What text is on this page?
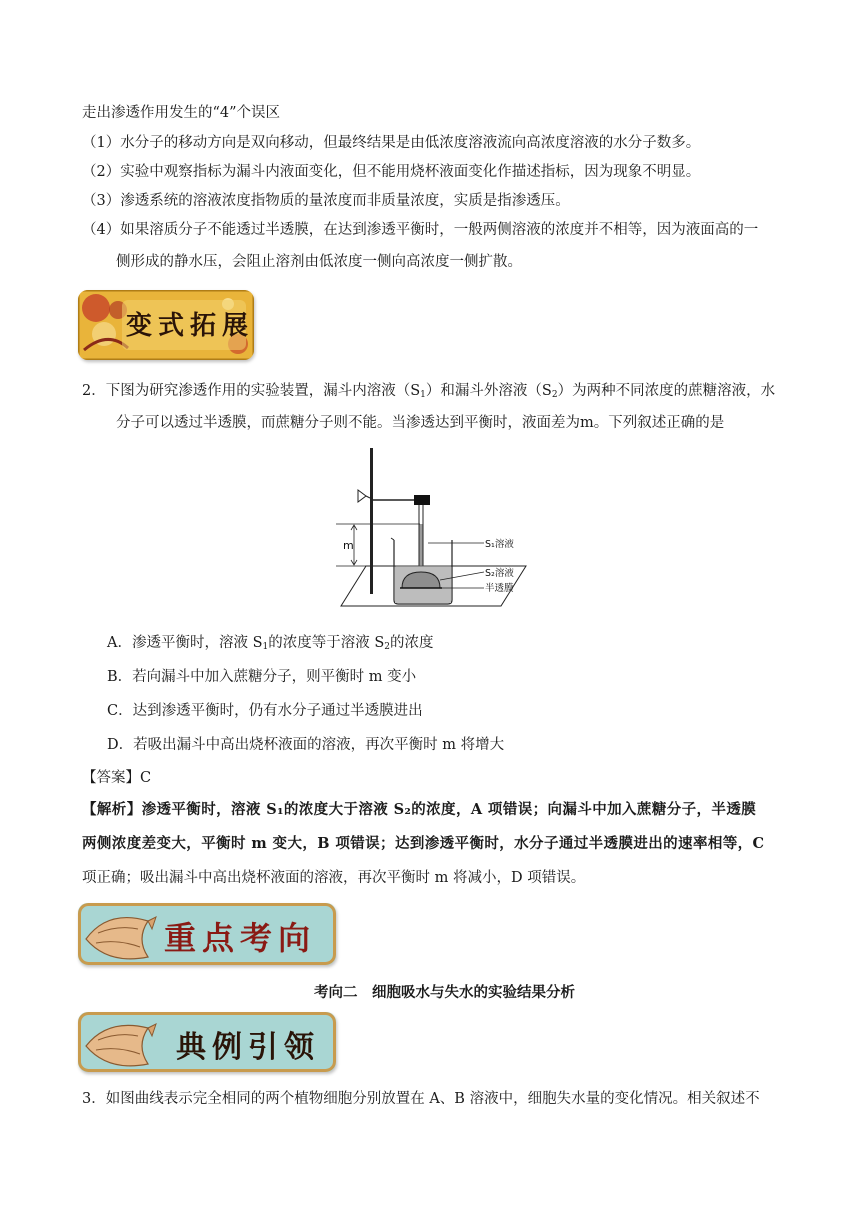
走出渗透作用发生的“4”个误区
（1）水分子的移动方向是双向移动，但最终结果是由低浓度溶液流向高浓度溶液的水分子数多。
（2）实验中观察指标为漏斗内液面变化，但不能用烧杯液面变化作描述指标，因为现象不明显。
（3）渗透系统的溶液浓度指物质的量浓度而非质量浓度，实质是指渗透压。
（4）如果溶质分子不能透过半透膜，在达到渗透平衡时，一般两侧溶液的浓度并不相等，因为液面高的一
侧形成的静水压，会阻止溶剂由低浓度一侧向高浓度一侧扩散。
变式拓展
2．下图为研究渗透作用的实验装置，漏斗内溶液$(S_1)$和漏斗外溶液$(S_2)$为两种不同浓度的蔗糖溶液，水
分子可以透过半透膜，而蔗糖分子则不能。当渗透达到平衡时，液面差为m。下列叙述正确的是
m	S₁溶液
S₂溶液
半透膜
A．渗透平衡时，溶液 $S_1$的浓度等于溶液 $S_2$的浓度
B．若向漏斗中加入蔗糖分子，则平衡时 m 变小
C．达到渗透平衡时，仍有水分子通过半透膜进出
D．若吸出漏斗中高出烧杯液面的溶液，再次平衡时 m 将增大
【答案】C
【解析】渗透平衡时，溶液 S₁的浓度大于溶液 S₂的浓度，A 项错误；向漏斗中加入蔗糖分子，半透膜
两侧浓度差变大，平衡时 m 变大，B 项错误；达到渗透平衡时，水分子通过半透膜进出的速率相等，C
项正确；吸出漏斗中高出烧杯液面的溶液，再次平衡时 m 将减小，D 项错误。
重点考向
考向二　细胞吸水与失水的实验结果分析
典例引领
3．如图曲线表示完全相同的两个植物细胞分别放置在 A、B 溶液中，细胞失水量的变化情况。相关叙述不
